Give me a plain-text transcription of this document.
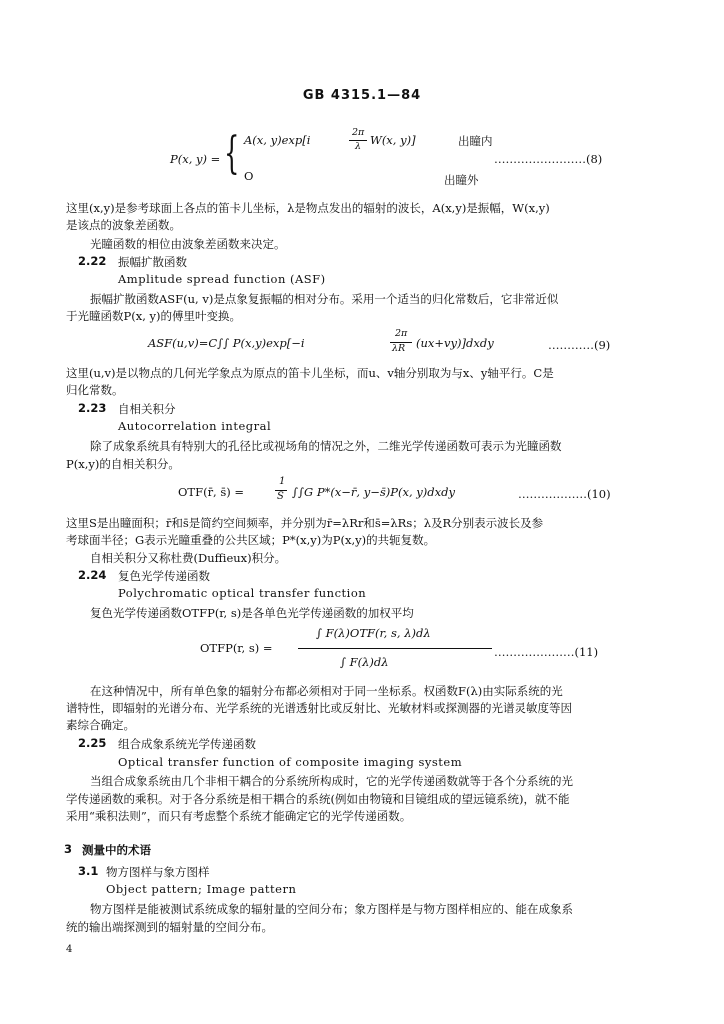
GB 4315.1—84
P(x, y) = { A(x, y)exp[i
2π
λ W(x, y)]	出瞳内
O	出瞳外
……………………(8)
这里(x,y)是参考球面上各点的笛卡儿坐标，λ是物点发出的辐射的波长，A(x,y)是振幅，W(x,y)
是该点的波象差函数。
光瞳函数的相位由波象差函数来决定。
2.22 振幅扩散函数
Amplitude spread function (ASF)
振幅扩散函数ASF(u, v)是点象复振幅的相对分布。采用一个适当的归化常数后，它非常近似
于光瞳函数P(x, y)的傅里叶变换。
ASF(u,v)=C∫∫ P(x,y)exp[−i
2π
λR (ux+vy)]dxdy	…………(9)
这里(u,v)是以物点的几何光学象点为原点的笛卡儿坐标，而u、v轴分别取为与x、y轴平行。C是
归化常数。
2.23 自相关积分
Autocorrelation integral
除了成象系统具有特别大的孔径比或视场角的情况之外，二维光学传递函数可表示为光瞳函数
P(x,y)的自相关积分。
OTF(r̄, s̄) =
1
S ∫∫G P*(x−r̄, y−s̄)P(x, y)dxdy	………………(10)
这里S是出瞳面积；r̄和s̄是简约空间频率，并分别为r̄=λRr和s̄=λRs；λ及R分别表示波长及参
考球面半径；G表示光瞳重叠的公共区域；P*(x,y)为P(x,y)的共轭复数。
自相关积分又称杜费(Duffieux)积分。
2.24 复色光学传递函数
Polychromatic optical transfer function
复色光学传递函数OTFP(r, s)是各单色光学传递函数的加权平均
OTFP(r, s) =
∫ F(λ)OTF(r, s, λ)dλ
∫ F(λ)dλ
…………………(11)
在这种情况中，所有单色象的辐射分布都必须相对于同一坐标系。权函数F(λ)由实际系统的光
谱特性，即辐射的光谱分布、光学系统的光谱透射比或反射比、光敏材料或探测器的光谱灵敏度等因
素综合确定。
2.25 组合成象系统光学传递函数
Optical transfer function of composite imaging system
当组合成象系统由几个非相干耦合的分系统所构成时，它的光学传递函数就等于各个分系统的光
学传递函数的乘积。对于各分系统是相干耦合的系统(例如由物镜和目镜组成的望远镜系统)，就不能
采用“乘积法则”，而只有考虑整个系统才能确定它的光学传递函数。
3 测量中的术语
3.1 物方图样与象方图样
Object pattern; Image pattern
物方图样是能被测试系统成象的辐射量的空间分布；象方图样是与物方图样相应的、能在成象系
统的输出端探测到的辐射量的空间分布。
4
